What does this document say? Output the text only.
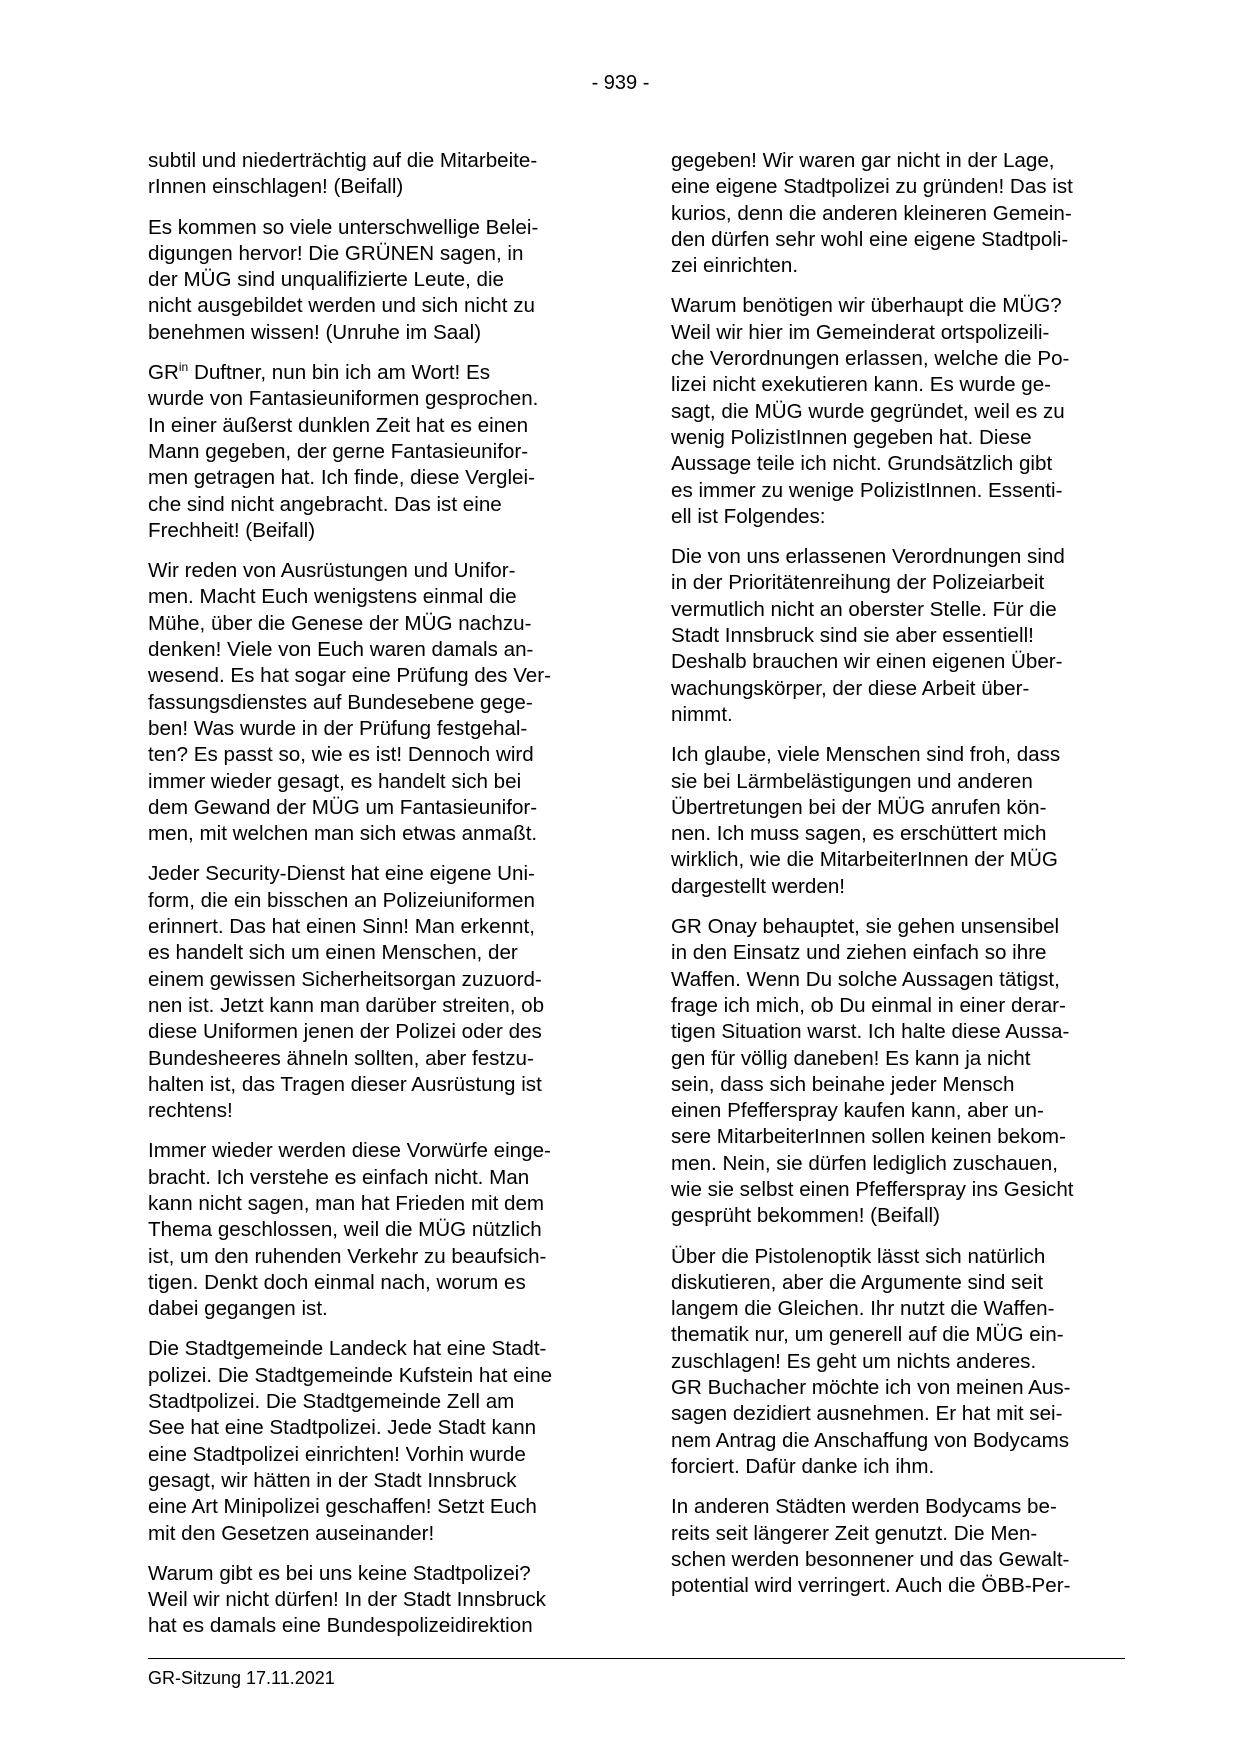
- 939 -
subtil und niederträchtig auf die Mitarbeite-
rInnen einschlagen! (Beifall)
Es kommen so viele unterschwellige Belei-
digungen hervor! Die GRÜNEN sagen, in
der MÜG sind unqualifizierte Leute, die
nicht ausgebildet werden und sich nicht zu
benehmen wissen! (Unruhe im Saal)
$GR^{in}$ Duftner, nun bin ich am Wort! Es
wurde von Fantasieuniformen gesprochen.
In einer äußerst dunklen Zeit hat es einen
Mann gegeben, der gerne Fantasieunifor-
men getragen hat. Ich finde, diese Verglei-
che sind nicht angebracht. Das ist eine
Frechheit! (Beifall)
Wir reden von Ausrüstungen und Unifor-
men. Macht Euch wenigstens einmal die
Mühe, über die Genese der MÜG nachzu-
denken! Viele von Euch waren damals an-
wesend. Es hat sogar eine Prüfung des Ver-
fassungsdienstes auf Bundesebene gege-
ben! Was wurde in der Prüfung festgehal-
ten? Es passt so, wie es ist! Dennoch wird
immer wieder gesagt, es handelt sich bei
dem Gewand der MÜG um Fantasieunifor-
men, mit welchen man sich etwas anmaßt.
Jeder Security-Dienst hat eine eigene Uni-
form, die ein bisschen an Polizeiuniformen
erinnert. Das hat einen Sinn! Man erkennt,
es handelt sich um einen Menschen, der
einem gewissen Sicherheitsorgan zuzuord-
nen ist. Jetzt kann man darüber streiten, ob
diese Uniformen jenen der Polizei oder des
Bundesheeres ähneln sollten, aber festzu-
halten ist, das Tragen dieser Ausrüstung ist
rechtens!
Immer wieder werden diese Vorwürfe einge-
bracht. Ich verstehe es einfach nicht. Man
kann nicht sagen, man hat Frieden mit dem
Thema geschlossen, weil die MÜG nützlich
ist, um den ruhenden Verkehr zu beaufsich-
tigen. Denkt doch einmal nach, worum es
dabei gegangen ist.
Die Stadtgemeinde Landeck hat eine Stadt-
polizei. Die Stadtgemeinde Kufstein hat eine
Stadtpolizei. Die Stadtgemeinde Zell am
See hat eine Stadtpolizei. Jede Stadt kann
eine Stadtpolizei einrichten! Vorhin wurde
gesagt, wir hätten in der Stadt Innsbruck
eine Art Minipolizei geschaffen! Setzt Euch
mit den Gesetzen auseinander!
Warum gibt es bei uns keine Stadtpolizei?
Weil wir nicht dürfen! In der Stadt Innsbruck
hat es damals eine Bundespolizeidirektion
gegeben! Wir waren gar nicht in der Lage,
eine eigene Stadtpolizei zu gründen! Das ist
kurios, denn die anderen kleineren Gemein-
den dürfen sehr wohl eine eigene Stadtpoli-
zei einrichten.
Warum benötigen wir überhaupt die MÜG?
Weil wir hier im Gemeinderat ortspolizeili-
che Verordnungen erlassen, welche die Po-
lizei nicht exekutieren kann. Es wurde ge-
sagt, die MÜG wurde gegründet, weil es zu
wenig PolizistInnen gegeben hat. Diese
Aussage teile ich nicht. Grundsätzlich gibt
es immer zu wenige PolizistInnen. Essenti-
ell ist Folgendes:
Die von uns erlassenen Verordnungen sind
in der Prioritätenreihung der Polizeiarbeit
vermutlich nicht an oberster Stelle. Für die
Stadt Innsbruck sind sie aber essentiell!
Deshalb brauchen wir einen eigenen Über-
wachungskörper, der diese Arbeit über-
nimmt.
Ich glaube, viele Menschen sind froh, dass
sie bei Lärmbelästigungen und anderen
Übertretungen bei der MÜG anrufen kön-
nen. Ich muss sagen, es erschüttert mich
wirklich, wie die MitarbeiterInnen der MÜG
dargestellt werden!
GR Onay behauptet, sie gehen unsensibel
in den Einsatz und ziehen einfach so ihre
Waffen. Wenn Du solche Aussagen tätigst,
frage ich mich, ob Du einmal in einer derar-
tigen Situation warst. Ich halte diese Aussa-
gen für völlig daneben! Es kann ja nicht
sein, dass sich beinahe jeder Mensch
einen Pfefferspray kaufen kann, aber un-
sere MitarbeiterInnen sollen keinen bekom-
men. Nein, sie dürfen lediglich zuschauen,
wie sie selbst einen Pfefferspray ins Gesicht
gesprüht bekommen! (Beifall)
Über die Pistolenoptik lässt sich natürlich
diskutieren, aber die Argumente sind seit
langem die Gleichen. Ihr nutzt die Waffen-
thematik nur, um generell auf die MÜG ein-
zuschlagen! Es geht um nichts anderes.
GR Buchacher möchte ich von meinen Aus-
sagen dezidiert ausnehmen. Er hat mit sei-
nem Antrag die Anschaffung von Bodycams
forciert. Dafür danke ich ihm.
In anderen Städten werden Bodycams be-
reits seit längerer Zeit genutzt. Die Men-
schen werden besonnener und das Gewalt-
potential wird verringert. Auch die ÖBB-Per-
GR-Sitzung 17.11.2021
